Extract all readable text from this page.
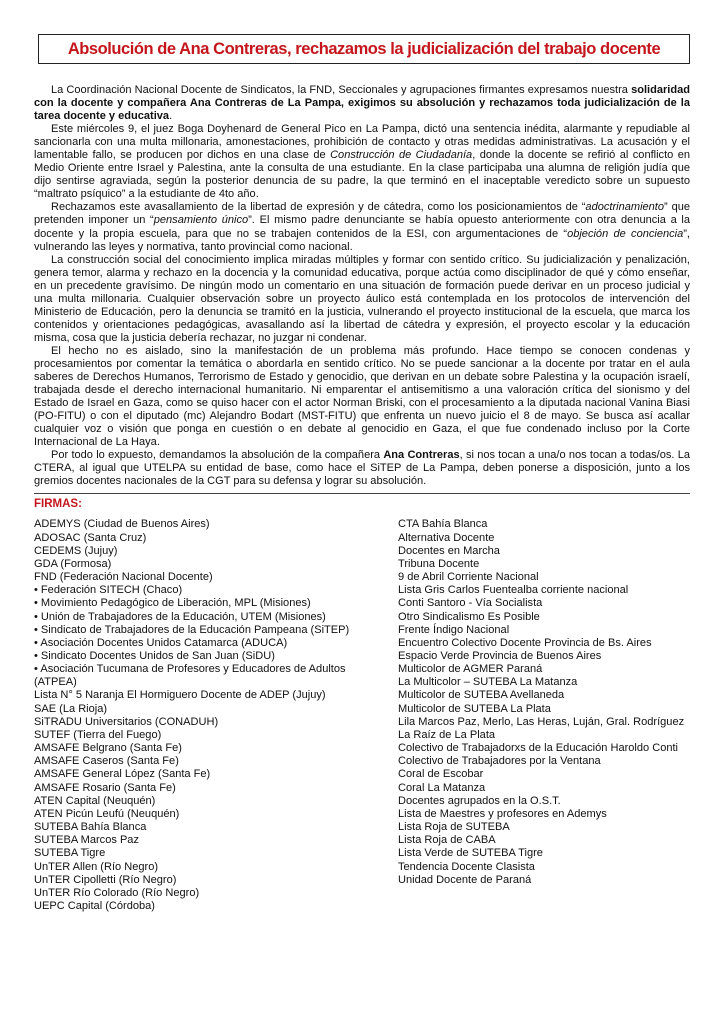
Absolución de Ana Contreras, rechazamos la judicialización del trabajo docente

La Coordinación Nacional Docente de Sindicatos, la FND, Seccionales y agrupaciones firmantes expresamos nuestra solidaridad con la docente y compañera Ana Contreras de La Pampa, exigimos su absolución y rechazamos toda judicialización de la tarea docente y educativa.

Este miércoles 9, el juez Boga Doyhenard de General Pico en La Pampa, dictó una sentencia inédita, alarmante y repudiable al sancionarla con una multa millonaria, amonestaciones, prohibición de contacto y otras medidas administrativas. La acusación y el lamentable fallo, se producen por dichos en una clase de Construcción de Ciudadanía, donde la docente se refirió al conflicto en Medio Oriente entre Israel y Palestina, ante la consulta de una estudiante. En la clase participaba una alumna de religión judía que dijo sentirse agraviada, según la posterior denuncia de su padre, la que terminó en el inaceptable veredicto sobre un supuesto “maltrato psíquico” a la estudiante de 4to año.

Rechazamos este avasallamiento de la libertad de expresión y de cátedra, como los posicionamientos de “adoctrinamiento” que pretenden imponer un “pensamiento único”. El mismo padre denunciante se había opuesto anteriormente con otra denuncia a la docente y la propia escuela, para que no se trabajen contenidos de la ESI, con argumentaciones de “objeción de conciencia”, vulnerando las leyes y normativa, tanto provincial como nacional.

La construcción social del conocimiento implica miradas múltiples y formar con sentido crítico. Su judicialización y penalización, genera temor, alarma y rechazo en la docencia y la comunidad educativa, porque actúa como disciplinador de qué y cómo enseñar, en un precedente gravísimo. De ningún modo un comentario en una situación de formación puede derivar en un proceso judicial y una multa millonaria. Cualquier observación sobre un proyecto áulico está contemplada en los protocolos de intervención del Ministerio de Educación, pero la denuncia se tramitó en la justicia, vulnerando el proyecto institucional de la escuela, que marca los contenidos y orientaciones pedagógicas, avasallando así la libertad de cátedra y expresión, el proyecto escolar y la educación misma, cosa que la justicia debería rechazar, no juzgar ni condenar.

El hecho no es aislado, sino la manifestación de un problema más profundo. Hace tiempo se conocen condenas y procesamientos por comentar la temática o abordarla en sentido crítico. No se puede sancionar a la docente por tratar en el aula saberes de Derechos Humanos, Terrorismo de Estado y genocidio, que derivan en un debate sobre Palestina y la ocupación israelí, trabajada desde el derecho internacional humanitario. Ni emparentar el antisemitismo a una valoración crítica del sionismo y del Estado de Israel en Gaza, como se quiso hacer con el actor Norman Briski, con el procesamiento a la diputada nacional Vanina Biasi (PO-FITU) o con el diputado (mc) Alejandro Bodart (MST-FITU) que enfrenta un nuevo juicio el 8 de mayo. Se busca así acallar cualquier voz o visión que ponga en cuestión o en debate al genocidio en Gaza, el que fue condenado incluso por la Corte Internacional de La Haya.

Por todo lo expuesto, demandamos la absolución de la compañera Ana Contreras, si nos tocan a una/o nos tocan a todas/os. La CTERA, al igual que UTELPA su entidad de base, como hace el SiTEP de La Pampa, deben ponerse a disposición, junto a los gremios docentes nacionales de la CGT para su defensa y lograr su absolución.

FIRMAS:
ADEMYS (Ciudad de Buenos Aires)
ADOSAC (Santa Cruz)
CEDEMS (Jujuy)
GDA (Formosa)
FND (Federación Nacional Docente)
• Federación SITECH (Chaco)
• Movimiento Pedagógico de Liberación, MPL (Misiones)
• Unión de Trabajadores de la Educación, UTEM (Misiones)
• Sindicato de Trabajadores de la Educación Pampeana (SiTEP)
• Asociación Docentes Unidos Catamarca (ADUCA)
• Sindicato Docentes Unidos de San Juan (SiDU)
• Asociación Tucumana de Profesores y Educadores de Adultos (ATPEA)
Lista N° 5 Naranja El Hormiguero Docente de ADEP (Jujuy)
SAE (La Rioja)
SiTRADU Universitarios (CONADUH)
SUTEF (Tierra del Fuego)
AMSAFE Belgrano (Santa Fe)
AMSAFE Caseros (Santa Fe)
AMSAFE General López (Santa Fe)
AMSAFE Rosario (Santa Fe)
ATEN Capital (Neuquén)
ATEN Picún Leufú (Neuquén)
SUTEBA Bahía Blanca
SUTEBA Marcos Paz
SUTEBA Tigre
UnTER Allen (Río Negro)
UnTER Cipolletti (Río Negro)
UnTER Río Colorado (Río Negro)
UEPC Capital (Córdoba)
CTA Bahía Blanca
Alternativa Docente
Docentes en Marcha
Tribuna Docente
9 de Abril Corriente Nacional
Lista Gris Carlos Fuentealba corriente nacional
Conti Santoro - Vía Socialista
Otro Sindicalismo Es Posible
Frente Índigo Nacional
Encuentro Colectivo Docente Provincia de Bs. Aires
Espacio Verde Provincia de Buenos Aires
Multicolor de AGMER Paraná
La Multicolor – SUTEBA La Matanza
Multicolor de SUTEBA Avellaneda
Multicolor de SUTEBA La Plata
Lila Marcos Paz, Merlo, Las Heras, Luján, Gral. Rodríguez
La Raíz de La Plata
Colectivo de Trabajadorxs de la Educación Haroldo Conti
Colectivo de Trabajadores por la Ventana
Coral de Escobar
Coral La Matanza
Docentes agrupados en la O.S.T.
Lista de Maestres y profesores en Ademys
Lista Roja de SUTEBA
Lista Roja de CABA
Lista Verde de SUTEBA Tigre
Tendencia Docente Clasista
Unidad Docente de Paraná
